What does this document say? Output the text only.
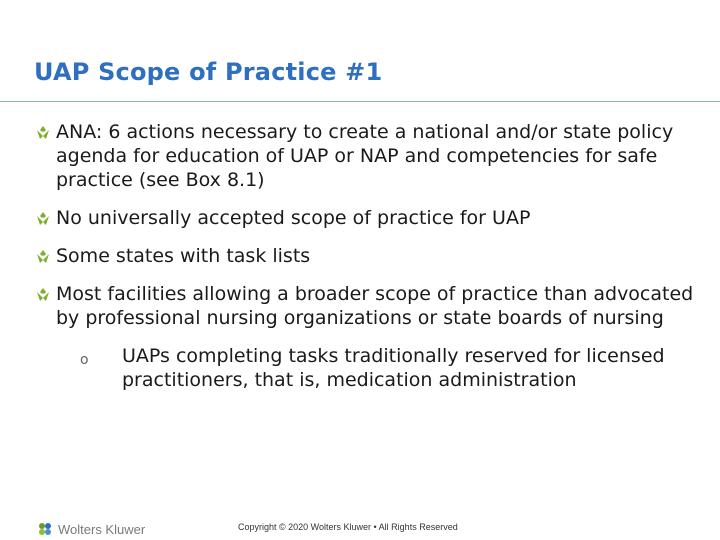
UAP Scope of Practice #1
ANA: 6 actions necessary to create a national and/or state policy agenda for education of UAP or NAP and competencies for safe practice (see Box 8.1)
No universally accepted scope of practice for UAP
Some states with task lists
Most facilities allowing a broader scope of practice than advocated by professional nursing organizations or state boards of nursing
o UAPs completing tasks traditionally reserved for licensed practitioners, that is, medication administration
Wolters Kluwer	Copyright © 2020 Wolters Kluwer • All Rights Reserved
